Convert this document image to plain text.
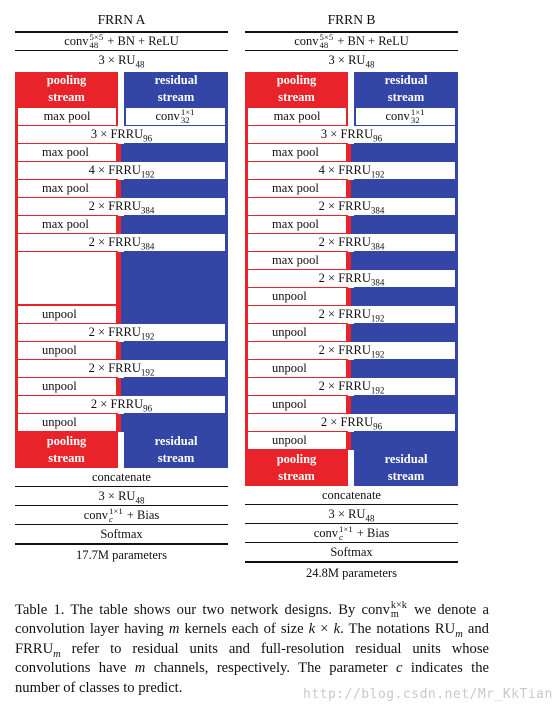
FRRN A
conv 5×5
48 + BN + ReLU
$3 \times RU_{48}$
pooling
stream
residual
stream
max pool	conv 1×1
32
$3 \times FRRU_{96}$
max pool
$4 \times FRRU_{192}$
max pool
$2 \times FRRU_{384}$
max pool
$2 \times FRRU_{384}$
unpool
$2 \times FRRU_{192}$
unpool
$2 \times FRRU_{192}$
unpool
$2 \times FRRU_{96}$
unpool
pooling
stream
residual
stream
concatenate
$3 \times RU_{48}$
conv 1×1
c + Bias
Softmax
17.7M parameters
FRRN B
conv 5×5
48 + BN + ReLU
$3 \times RU_{48}$
pooling
stream
residual
stream
max pool	conv 1×1
32
$3 \times FRRU_{96}$
max pool
$4 \times FRRU_{192}$
max pool
$2 \times FRRU_{384}$
max pool
$2 \times FRRU_{384}$
max pool
$2 \times FRRU_{384}$
unpool
$2 \times FRRU_{192}$
unpool
$2 \times FRRU_{192}$
unpool
$2 \times FRRU_{192}$
unpool
$2 \times FRRU_{96}$
unpool
pooling
stream
residual
stream
concatenate
$3 \times RU_{48}$
conv 1×1
c + Bias
Softmax
24.8M parameters

Table 1. The table shows our two network designs. By conv k×k
m we denote a convolution layer having m kernels each of size k × k. The notations $RU_m$ and $FRRU_m$ refer to residual units and full-resolution residual units whose convolutions have m channels, respectively. The parameter c indicates the number of classes to predict.	http://blog.csdn.net/Mr_KkTian
